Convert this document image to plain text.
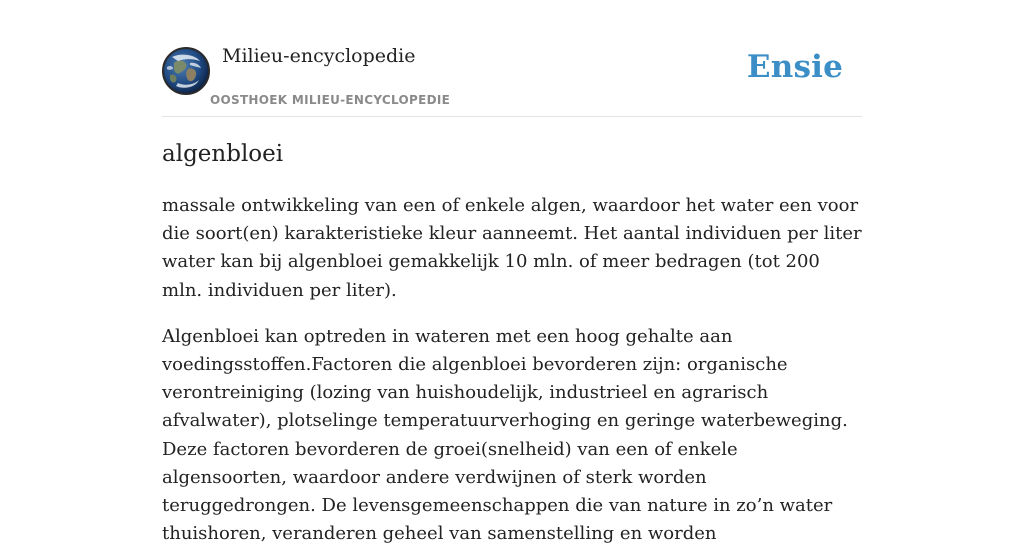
Milieu-encyclopedie
OOSTHOEK MILIEU-ENCYCLOPEDIE
Ensie
algenbloei

massale ontwikkeling van een of enkele algen, waardoor het water een voor die soort(en) karakteristieke kleur aanneemt. Het aantal individuen per liter water kan bij algenbloei gemakkelijk 10 mln. of meer bedragen (tot 200 mln. individuen per liter).

Algenbloei kan optreden in wateren met een hoog gehalte aan voedingsstoffen.Factoren die algenbloei bevorderen zijn: organische verontreiniging (lozing van huishoudelijk, industrieel en agrarisch afvalwater), plotselinge temperatuurverhoging en geringe waterbeweging. Deze factoren bevorderen de groei(snelheid) van een of enkele algensoorten, waardoor andere verdwijnen of sterk worden teruggedrongen. De levensgemeenschappen die van nature in zo’n water thuishoren, veranderen geheel van samenstelling en worden
